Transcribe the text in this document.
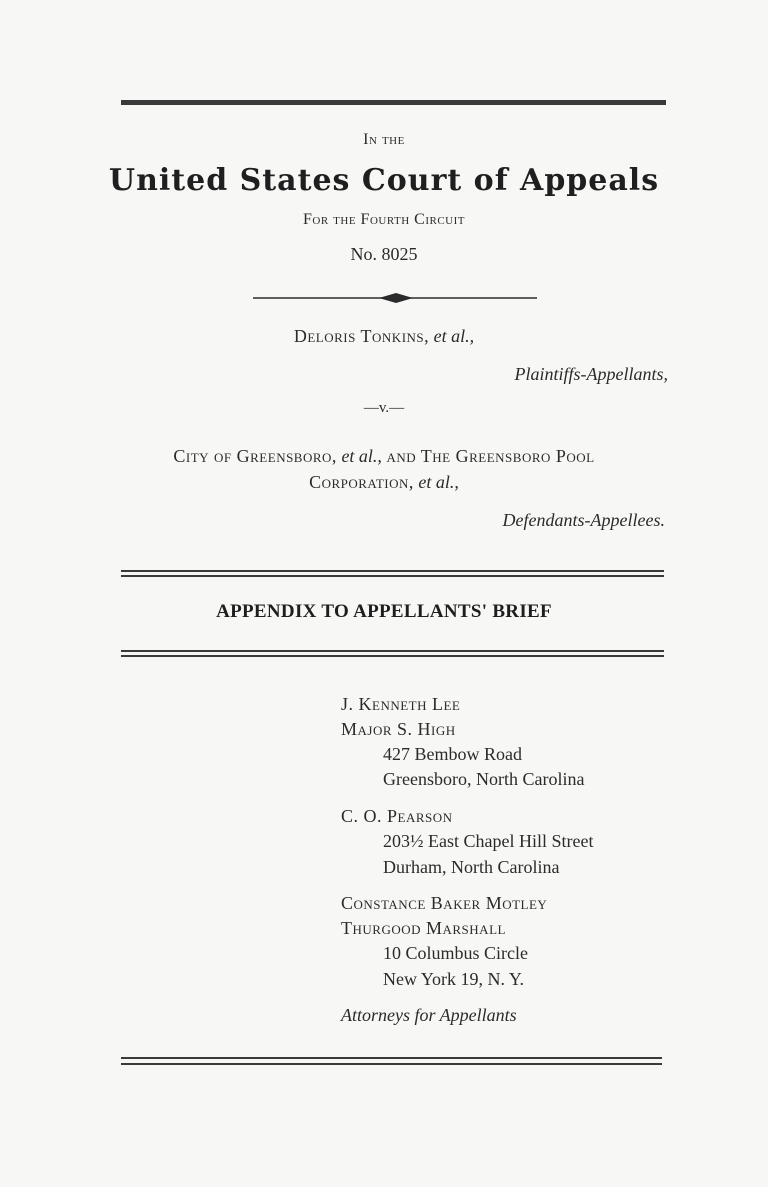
In the
United States Court of Appeals
For the Fourth Circuit
No. 8025
Deloris Tonkins, et al.,
Plaintiffs-Appellants,
—v.—
City of Greensboro, et al., and The Greensboro Pool
Corporation, et al.,
Defendants-Appellees.
APPENDIX TO APPELLANTS' BRIEF
J. Kenneth Lee
Major S. High
427 Bembow Road
Greensboro, North Carolina
C. O. Pearson
203½ East Chapel Hill Street
Durham, North Carolina
Constance Baker Motley
Thurgood Marshall
10 Columbus Circle
New York 19, N. Y.
Attorneys for Appellants
